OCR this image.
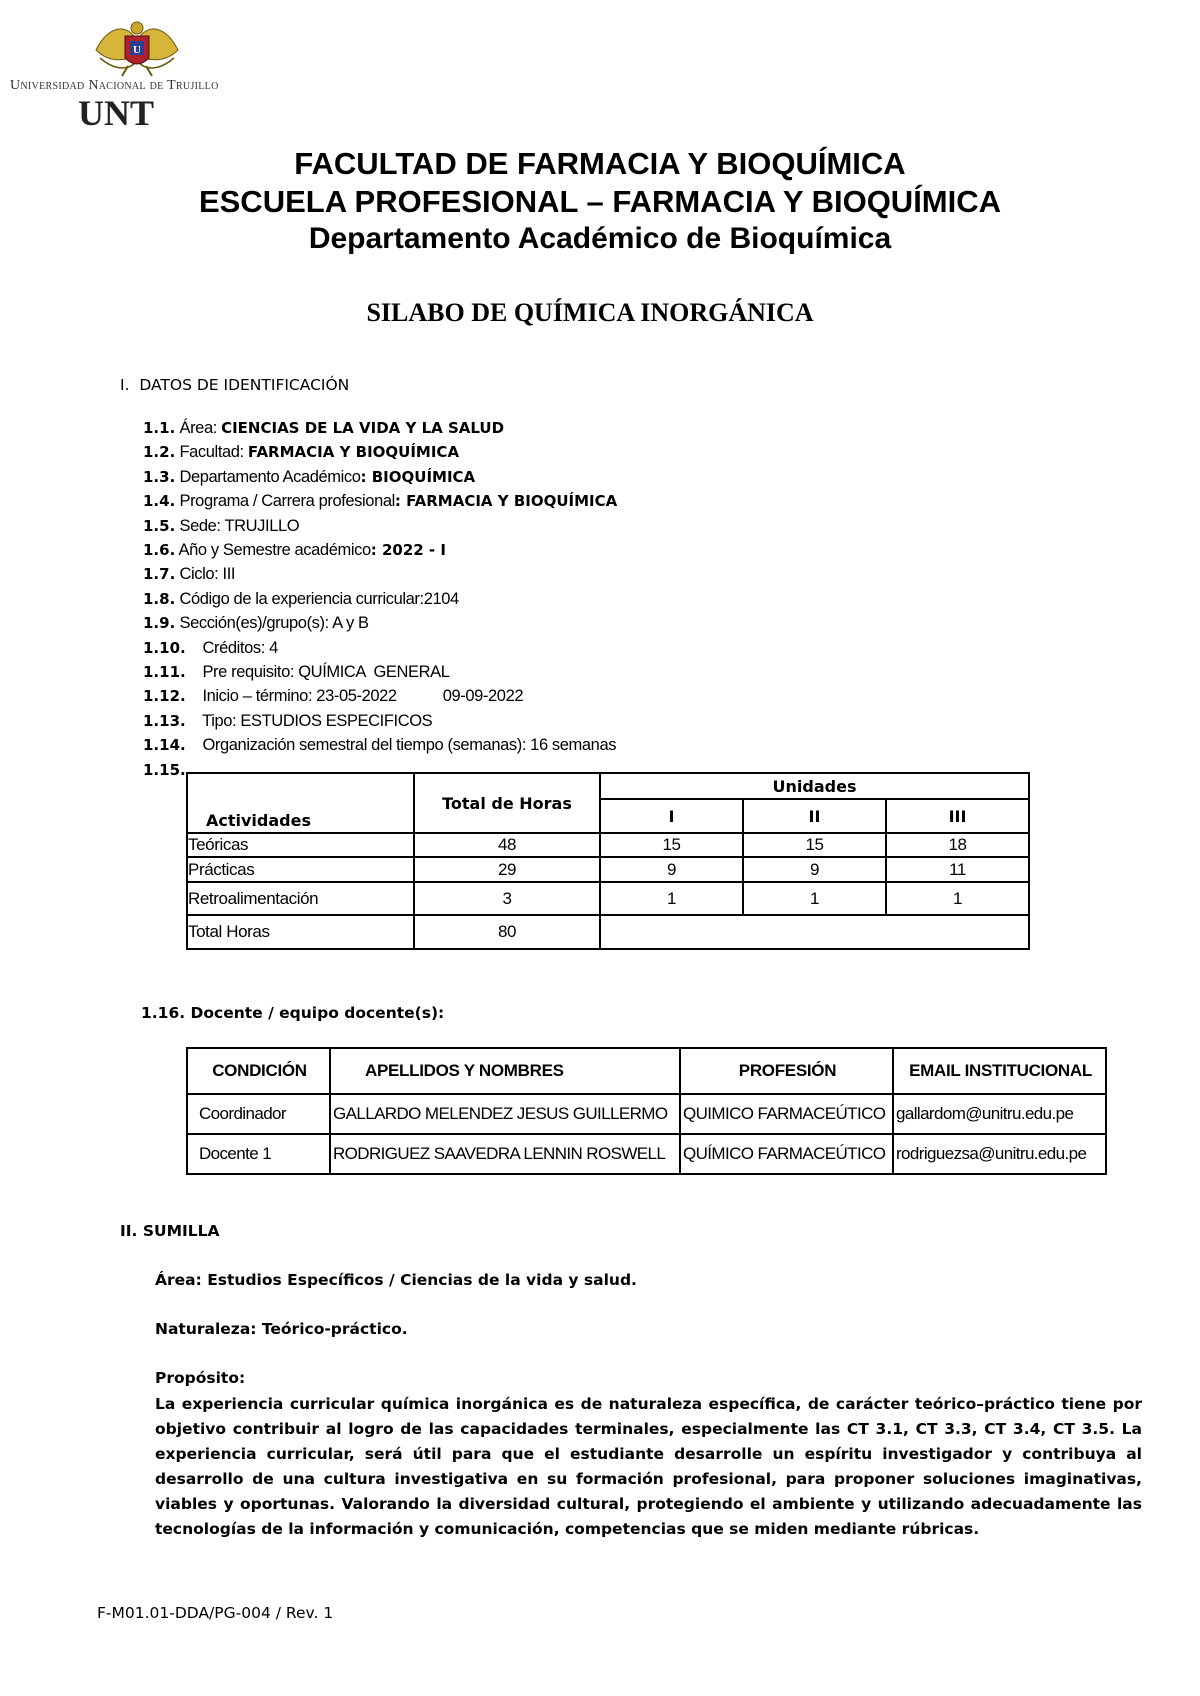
U
Universidad Nacional de Trujillo
UNT
FACULTAD DE FARMACIA Y BIOQUÍMICA
ESCUELA PROFESIONAL – FARMACIA Y BIOQUÍMICA
Departamento Académico de Bioquímica
SILABO DE QUÍMICA INORGÁNICA
I.  DATOS DE IDENTIFICACIÓN
1.1. Área: CIENCIAS DE LA VIDA Y LA SALUD
1.2. Facultad: FARMACIA Y BIOQUÍMICA
1.3. Departamento Académico: BIOQUÍMICA
1.4. Programa / Carrera profesional: FARMACIA Y BIOQUÍMICA
1.5. Sede: TRUJILLO
1.6. Año y Semestre académico: 2022 - I
1.7. Ciclo: III
1.8. Código de la experiencia curricular:2104
1.9. Sección(es)/grupo(s): A y B
1.10.    Créditos: 4
1.11.    Pre requisito: QUÍMICA  GENERAL
1.12.    Inicio – término: 23-05-2022           09-09-2022
1.13.    Tipo: ESTUDIOS ESPECIFICOS
1.14.    Organización semestral del tiempo (semanas): 16 semanas
1.15.
Actividades	Total de Horas	Unidades		
		I	II	III
Teóricas	48	15	15	18
Prácticas	29	9	9	11
Retroalimentación	3	1	1	1
Total Horas	80			
1.16. Docente / equipo docente(s):
CONDICIÓN	APELLIDOS Y NOMBRES	PROFESIÓN	EMAIL INSTITUCIONAL
Coordinador	GALLARDO MELENDEZ JESUS GUILLERMO	QUIMICO FARMACEÚTICO	gallardom@unitru.edu.pe
Docente 1	RODRIGUEZ SAAVEDRA LENNIN ROSWELL	QUÍMICO FARMACEÚTICO	rodriguezsa@unitru.edu.pe
II. SUMILLA
Área: Estudios Específicos / Ciencias de la vida y salud.
Naturaleza: Teórico-práctico.
Propósito:
La experiencia curricular química inorgánica es de naturaleza específica, de carácter teórico–práctico tiene por objetivo contribuir al logro de las capacidades terminales, especialmente las CT 3.1, CT 3.3, CT 3.4, CT 3.5. La experiencia curricular, será útil para que el estudiante desarrolle un espíritu investigador y contribuya al desarrollo de una cultura investigativa en su formación profesional, para proponer soluciones imaginativas, viables y oportunas. Valorando la diversidad cultural, protegiendo el ambiente y utilizando adecuadamente las tecnologías de la información y comunicación, competencias que se miden mediante rúbricas.
F-M01.01-DDA/PG-004 / Rev. 1
